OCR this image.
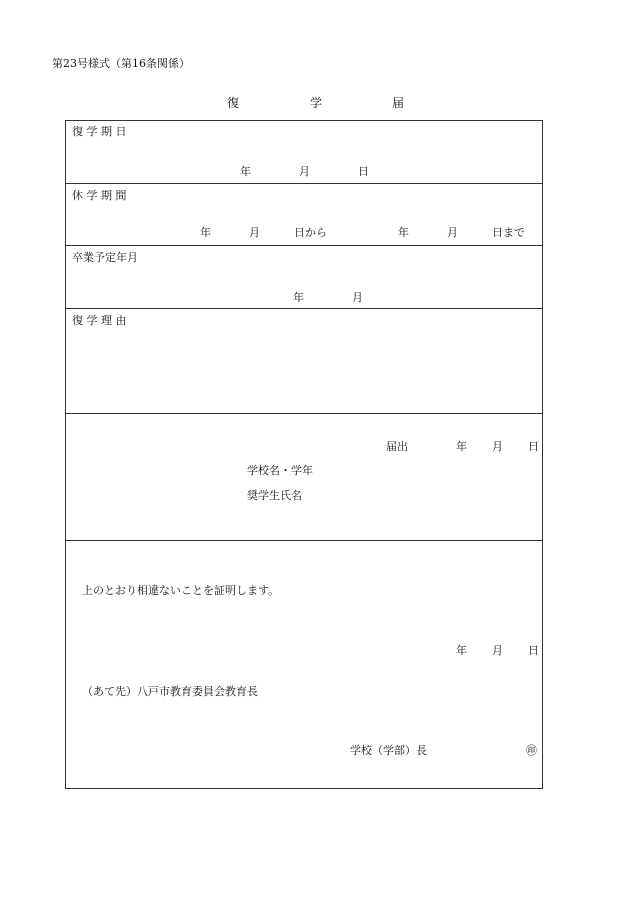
第23号様式（第16条関係）
復	学	届
復 学 期 日
年	月	日
休 学 期 間
年	月	日から	年	月	日まで
卒業予定年月
年	月
復 学 理 由
届出	年 月 日
学校名・学年
奨学生氏名
上のとおり相違ないことを証明します。
年 月 日
（あて先）八戸市教育委員会教育長
学校（学部）長	㊞
